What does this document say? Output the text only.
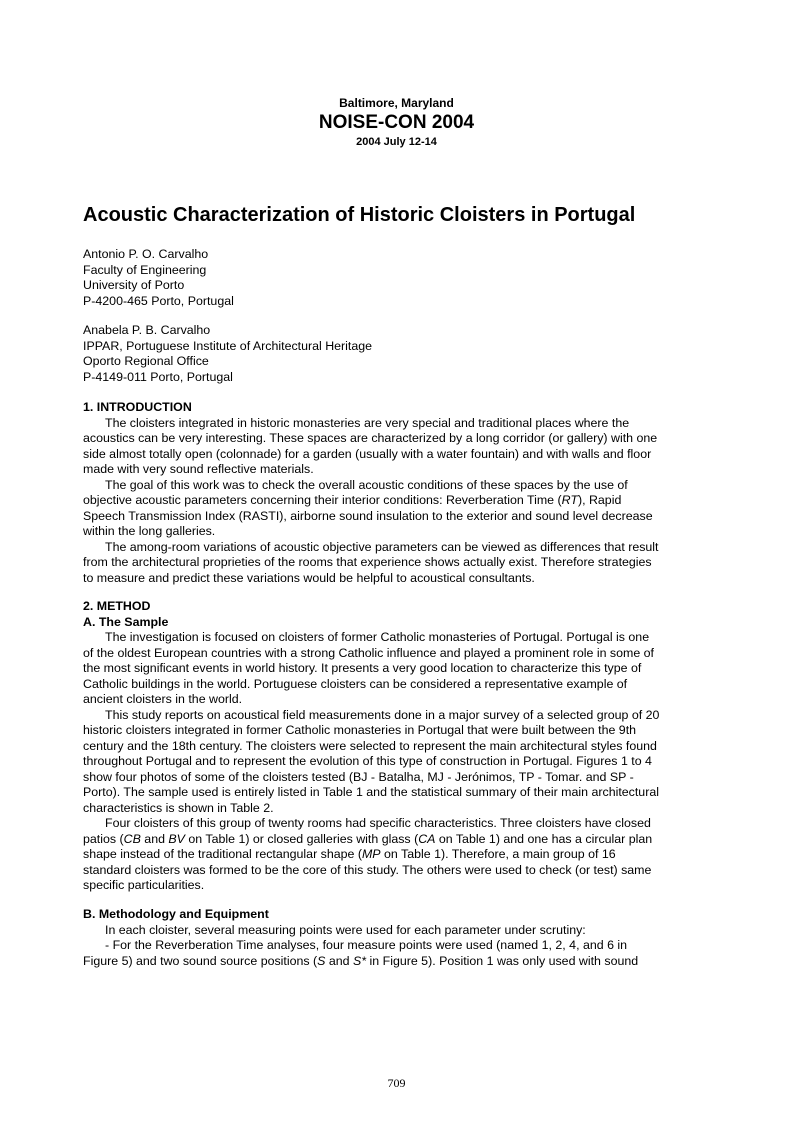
Baltimore, Maryland
NOISE-CON 2004
2004 July 12-14
Acoustic Characterization of Historic Cloisters in Portugal
Antonio P. O. Carvalho
Faculty of Engineering
University of Porto
P-4200-465 Porto, Portugal
Anabela P. B. Carvalho
IPPAR, Portuguese Institute of Architectural Heritage
Oporto Regional Office
P-4149-011 Porto, Portugal
1. INTRODUCTION
The cloisters integrated in historic monasteries are very special and traditional places where the
acoustics can be very interesting. These spaces are characterized by a long corridor (or gallery) with one
side almost totally open (colonnade) for a garden (usually with a water fountain) and with walls and floor
made with very sound reflective materials.
The goal of this work was to check the overall acoustic conditions of these spaces by the use of
objective acoustic parameters concerning their interior conditions: Reverberation Time (RT), Rapid
Speech Transmission Index (RASTI), airborne sound insulation to the exterior and sound level decrease
within the long galleries.
The among-room variations of acoustic objective parameters can be viewed as differences that result
from the architectural proprieties of the rooms that experience shows actually exist. Therefore strategies
to measure and predict these variations would be helpful to acoustical consultants.
2. METHOD
A. The Sample
The investigation is focused on cloisters of former Catholic monasteries of Portugal. Portugal is one
of the oldest European countries with a strong Catholic influence and played a prominent role in some of
the most significant events in world history. It presents a very good location to characterize this type of
Catholic buildings in the world. Portuguese cloisters can be considered a representative example of
ancient cloisters in the world.
This study reports on acoustical field measurements done in a major survey of a selected group of 20
historic cloisters integrated in former Catholic monasteries in Portugal that were built between the 9th
century and the 18th century. The cloisters were selected to represent the main architectural styles found
throughout Portugal and to represent the evolution of this type of construction in Portugal. Figures 1 to 4
show four photos of some of the cloisters tested (BJ - Batalha, MJ - Jerónimos, TP - Tomar. and SP -
Porto). The sample used is entirely listed in Table 1 and the statistical summary of their main architectural
characteristics is shown in Table 2.
Four cloisters of this group of twenty rooms had specific characteristics. Three cloisters have closed
patios (CB and BV on Table 1) or closed galleries with glass (CA on Table 1) and one has a circular plan
shape instead of the traditional rectangular shape (MP on Table 1). Therefore, a main group of 16
standard cloisters was formed to be the core of this study. The others were used to check (or test) same
specific particularities.
B. Methodology and Equipment
In each cloister, several measuring points were used for each parameter under scrutiny:
- For the Reverberation Time analyses, four measure points were used (named 1, 2, 4, and 6 in
Figure 5) and two sound source positions (S and S* in Figure 5). Position 1 was only used with sound
709
